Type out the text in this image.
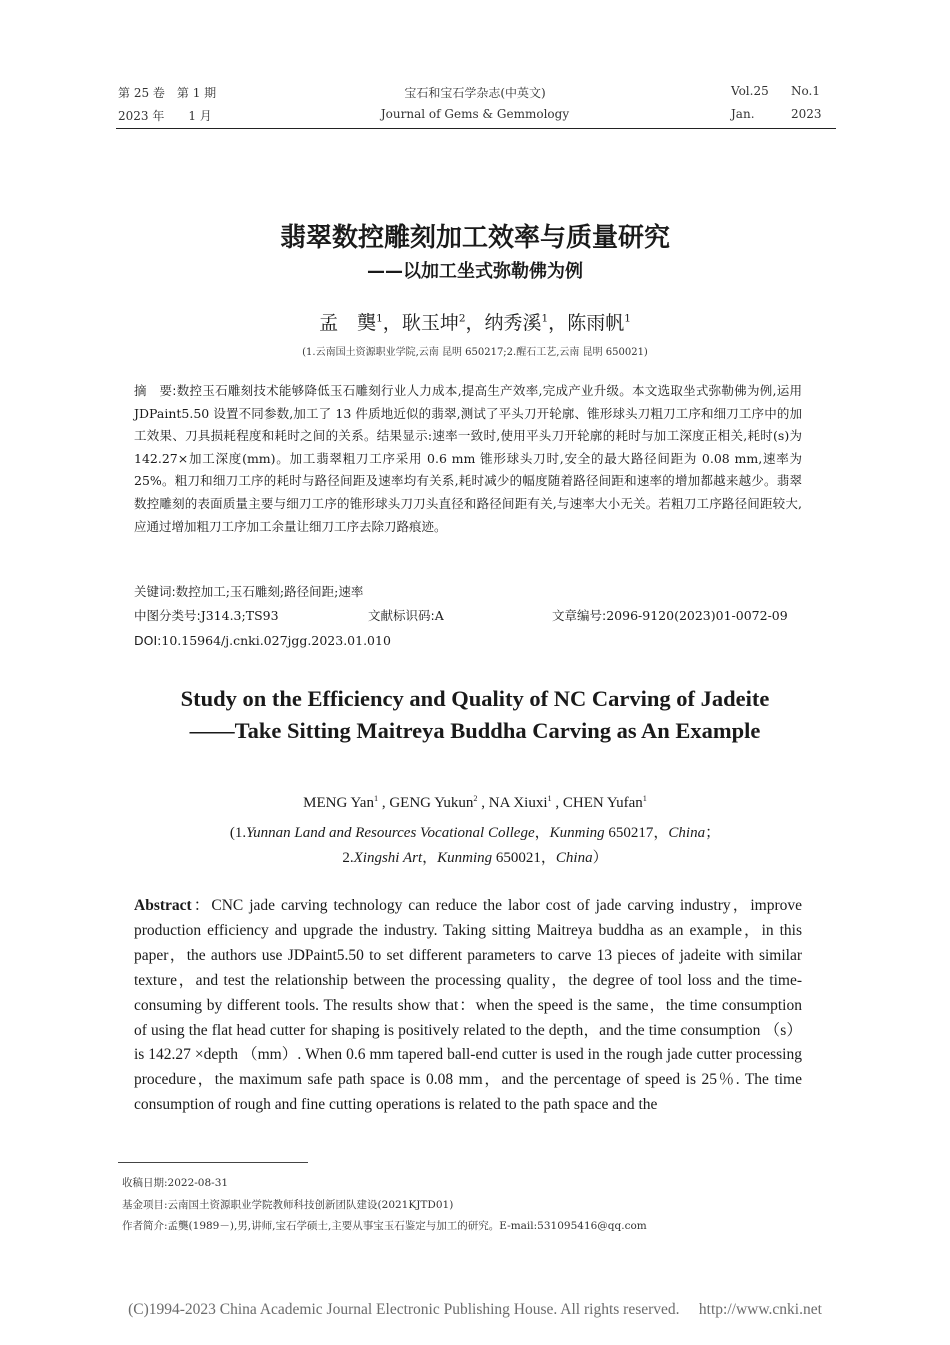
第 25 卷　第 1 期
2023 年　　1 月
宝石和宝石学杂志(中英文)
Journal of Gems & Gemmology
Vol.25 No.1
Jan.	2023
翡翠数控雕刻加工效率与质量研究
——以加工坐式弥勒佛为例
孟　龑$^1$，耿玉坤$^2$，纳秀溪$^1$，陈雨帆$^1$
(1.云南国土资源职业学院,云南 昆明 650217;2.醒石工艺,云南 昆明 650021)
摘　要:数控玉石雕刻技术能够降低玉石雕刻行业人力成本,提高生产效率,完成产业升级。本文选取坐式弥勒佛为例,运用 JDPaint5.50 设置不同参数,加工了 13 件质地近似的翡翠,测试了平头刀开轮廓、锥形球头刀粗刀工序和细刀工序中的加工效果、刀具损耗程度和耗时之间的关系。结果显示:速率一致时,使用平头刀开轮廓的耗时与加工深度正相关,耗时(s)为 142.27×加工深度(mm)。加工翡翠粗刀工序采用 0.6 mm 锥形球头刀时,安全的最大路径间距为 0.08 mm,速率为 25%。粗刀和细刀工序的耗时与路径间距及速率均有关系,耗时减少的幅度随着路径间距和速率的增加都越来越少。翡翠数控雕刻的表面质量主要与细刀工序的锥形球头刀刀头直径和路径间距有关,与速率大小无关。若粗刀工序路径间距较大,应通过增加粗刀工序加工余量让细刀工序去除刀路痕迹。
关键词:数控加工;玉石雕刻;路径间距;速率
中图分类号:J314.3;TS93	文献标识码:A	文章编号:2096-9120(2023)01-0072-09
DOI:10.15964/j.cnki.027jgg.2023.01.010
Study on the Efficiency and Quality of NC Carving of Jadeite
——Take Sitting Maitreya Buddha Carving as An Example
MENG Yan$^1$ , GENG Yukun$^2$ , NA Xiuxi$^1$ , CHEN Yufan$^1$
(1.Yunnan Land and Resources Vocational College，Kunming 650217，China；
2.Xingshi Art，Kunming 650021，China）
Abstract：CNC jade carving technology can reduce the labor cost of jade carving industry，improve production efficiency and upgrade the industry. Taking sitting Maitreya buddha as an example，in this paper，the authors use JDPaint5.50 to set different parameters to carve 13 pieces of jadeite with similar texture，and test the relationship between the processing quality，the degree of tool loss and the time-consuming by different tools. The results show that：when the speed is the same，the time consumption of using the flat head cutter for shaping is positively related to the depth，and the time consumption （s） is 142.27 ×depth （mm）. When 0.6 mm tapered ball-end cutter is used in the rough jade cutter processing procedure，the maximum safe path space is 0.08 mm，and the percentage of speed is 25％. The time consumption of rough and fine cutting operations is related to the path space and the
收稿日期:2022-08-31
基金项目:云南国土资源职业学院教师科技创新团队建设(2021KJTD01)
作者简介:孟龑(1989－),男,讲师,宝石学硕士,主要从事宝玉石鉴定与加工的研究。E-mail:531095416@qq.com
(C)1994-2023 China Academic Journal Electronic Publishing House. All rights reserved.　 http://www.cnki.net
